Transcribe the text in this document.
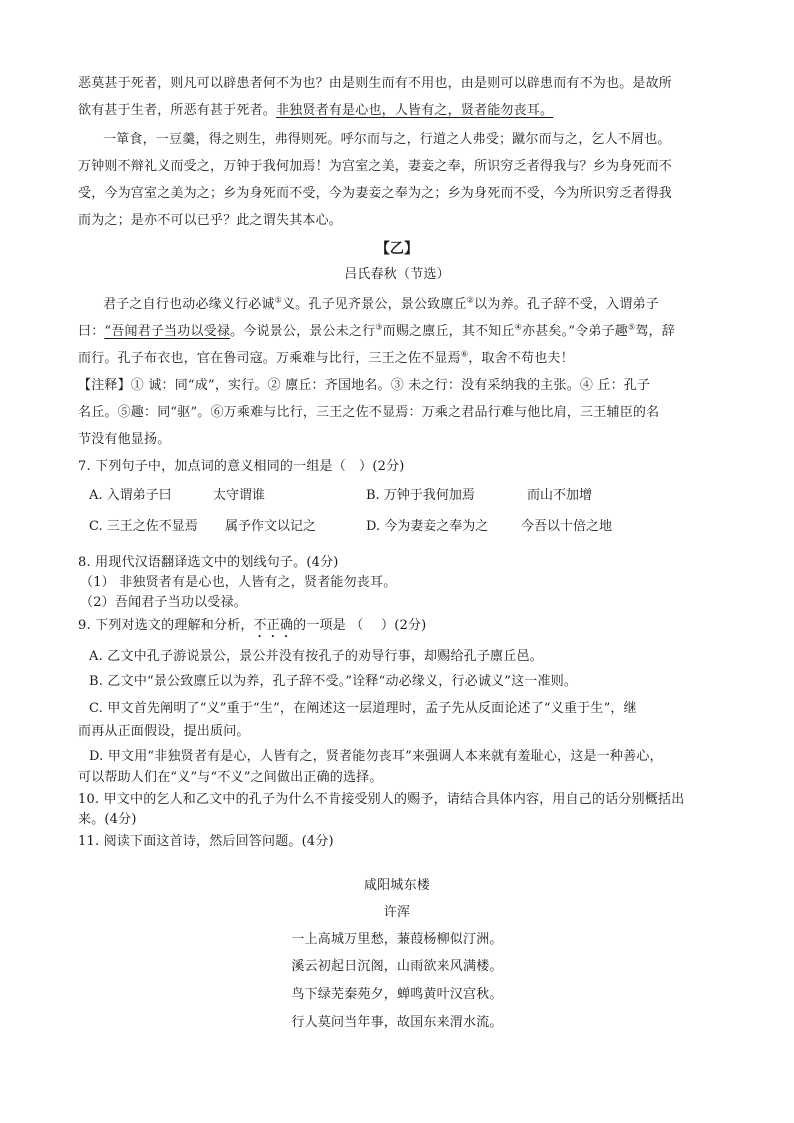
恶莫甚于死者，则凡可以辟患者何不为也？由是则生而有不用也，由是则可以辟患而有不为也。是故所
欲有甚于生者，所恶有甚于死者。非独贤者有是心也，人皆有之，贤者能勿丧耳。
一箪食，一豆羹，得之则生，弗得则死。呼尔而与之，行道之人弗受；蹴尔而与之，乞人不屑也。
万钟则不辩礼义而受之，万钟于我何加焉！为宫室之美，妻妾之奉，所识穷乏者得我与？乡为身死而不
受，今为宫室之美为之；乡为身死而不受，今为妻妾之奉为之；乡为身死而不受，今为所识穷乏者得我
而为之；是亦不可以已乎？此之谓失其本心。
【乙】
吕氏春秋（节选）
君子之自行也动必缘义行必诚①义。孔子见齐景公，景公致廪丘②以为养。孔子辞不受，入谓弟子
曰：“吾闻君子当功以受禄。今说景公，景公未之行③而赐之廪丘，其不知丘④亦甚矣。”令弟子趣⑤驾，辞
而行。孔子布衣也，官在鲁司寇。万乘难与比行，三王之佐不显焉⑥，取舍不苟也夫！
【注释】① 诚：同“成”，实行。② 廪丘：齐国地名。③ 未之行：没有采纳我的主张。④ 丘：孔子
名丘。⑤趣：同“驱”。⑥万乘难与比行，三王之佐不显焉：万乘之君品行难与他比肩，三王辅臣的名
节没有他显扬。
7. 下列句子中，加点词的意义相同的一组是（　）(2分)
A. 入谓弟子曰	太守谓谁	B. 万钟于我何加焉	而山不加增
C. 三王之佐不显焉 属予作文以记之	D. 今为妻妾之奉为之	今吾以十倍之地
8. 用现代汉语翻译选文中的划线句子。(4分)
（1） 非独贤者有是心也，人皆有之，贤者能勿丧耳。
（2）吾闻君子当功以受禄。
9. 下列对选文的理解和分析，不正确的一项是 （　 ）(2分)
A. 乙文中孔子游说景公，景公并没有按孔子的劝导行事，却赐给孔子廪丘邑。
B. 乙文中“景公致廪丘以为养，孔子辞不受。”诠释“动必缘义，行必诚义”这一准则。
C. 甲文首先阐明了“义”重于“生”，在阐述这一层道理时，孟子先从反面论述了“义重于生”，继
而再从正面假设，提出质问。
D. 甲文用“非独贤者有是心，人皆有之，贤者能勿丧耳”来强调人本来就有羞耻心，这是一种善心，
可以帮助人们在“义”与“不义”之间做出正确的选择。
10. 甲文中的乞人和乙文中的孔子为什么不肯接受别人的赐予，请结合具体内容，用自己的话分别概括出
来。(4分)
11. 阅读下面这首诗，然后回答问题。(4分)
咸阳城东楼
许浑
一上高城万里愁，蒹葭杨柳似汀洲。
溪云初起日沉阁，山雨欲来风满楼。
鸟下绿芜秦苑夕，蝉鸣黄叶汉宫秋。
行人莫问当年事，故国东来渭水流。
